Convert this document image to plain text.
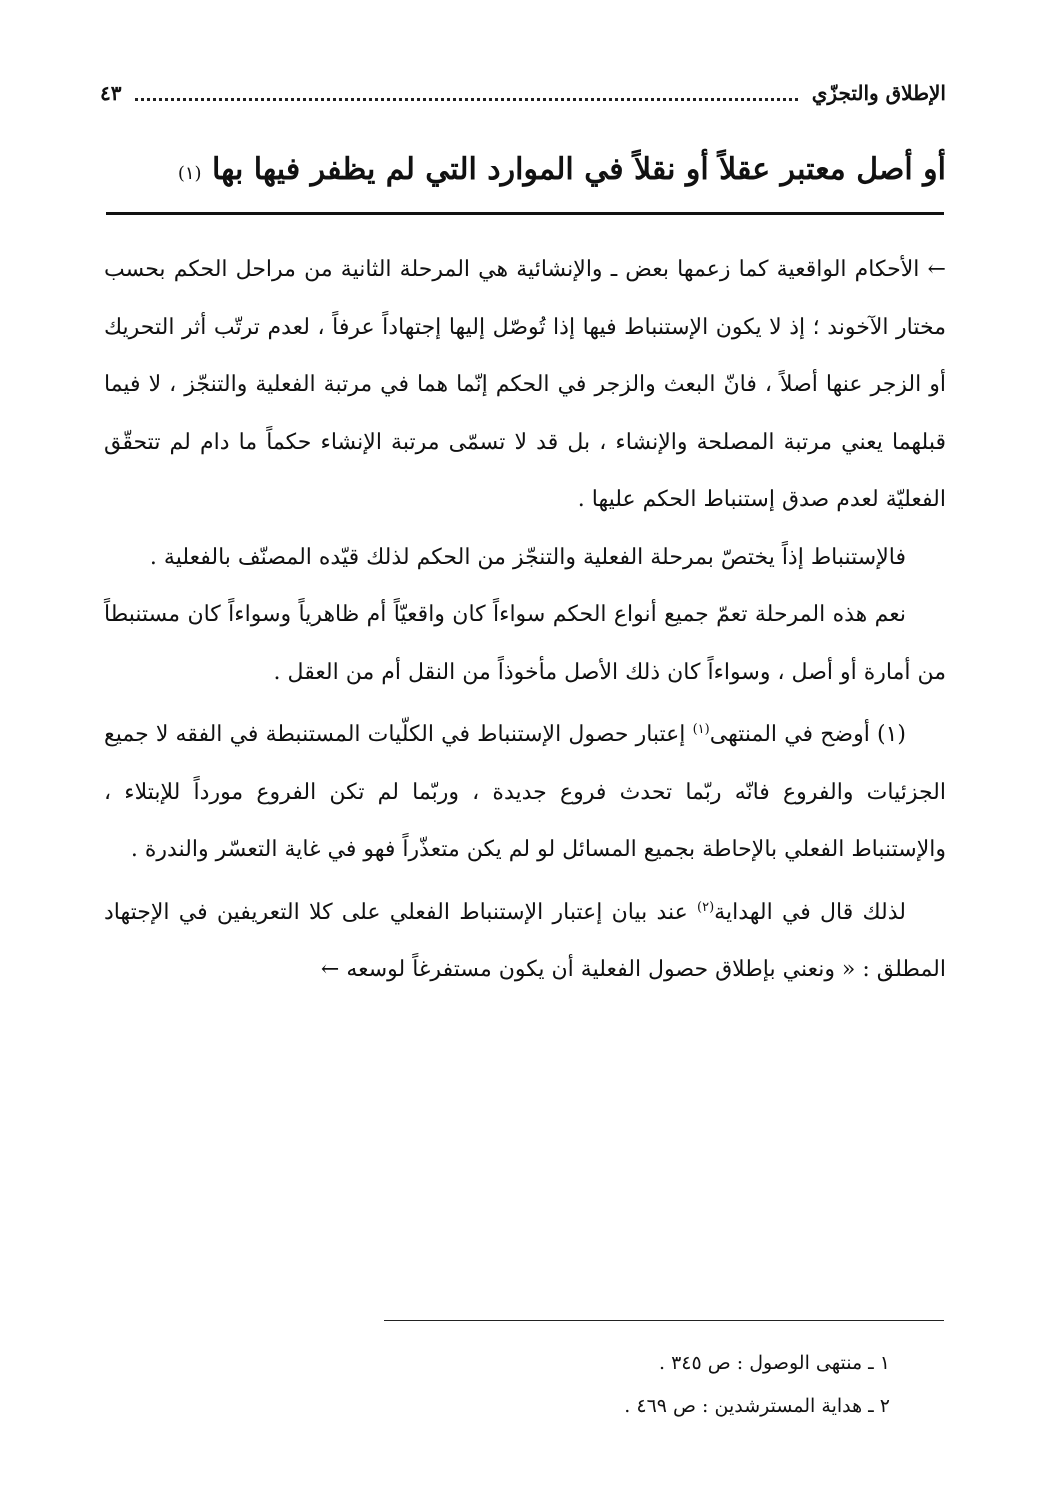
الإطلاق والتجزّي
٤٣
أو أصل معتبر عقلاً أو نقلاً في الموارد التي لم يظفر فيها بها (١)

← الأحكام الواقعية كما زعمها بعض ـ والإنشائية هي المرحلة الثانية من مراحل الحكم بحسب مختار الآخوند ؛ إذ لا يكون الإستنباط فيها إذا تُوصّل إليها إجتهاداً عرفاً ، لعدم ترتّب أثر التحريك أو الزجر عنها أصلاً ، فانّ البعث والزجر في الحكم إنّما هما في مرتبة الفعلية والتنجّز ، لا فيما قبلهما يعني مرتبة المصلحة والإنشاء ، بل قد لا تسمّى مرتبة الإنشاء حكماً ما دام لم تتحقّق الفعليّة لعدم صدق إستنباط الحكم عليها .

فالإستنباط إذاً يختصّ بمرحلة الفعلية والتنجّز من الحكم لذلك قيّده المصنّف بالفعلية .

نعم هذه المرحلة تعمّ جميع أنواع الحكم سواءاً كان واقعيّاً أم ظاهرياً وسواءاً كان مستنبطاً من أمارة أو أصل ، وسواءاً كان ذلك الأصل مأخوذاً من النقل أم من العقل .

(١) أوضح في المنتهى$^{(١)}$ إعتبار حصول الإستنباط في الكلّيات المستنبطة في الفقه لا جميع الجزئيات والفروع فانّه ربّما تحدث فروع جديدة ، وربّما لم تكن الفروع مورداً للإبتلاء ، والإستنباط الفعلي بالإحاطة بجميع المسائل لو لم يكن متعذّراً فهو في غاية التعسّر والندرة .

لذلك قال في الهداية$^{(٢)}$ عند بيان إعتبار الإستنباط الفعلي على كلا التعريفين في الإجتهاد المطلق : « ونعني بإطلاق حصول الفعلية أن يكون مستفرغاً لوسعه ←

١ ـ منتهى الوصول : ص ٣٤٥ .

٢ ـ هداية المسترشدين : ص ٤٦٩ .
